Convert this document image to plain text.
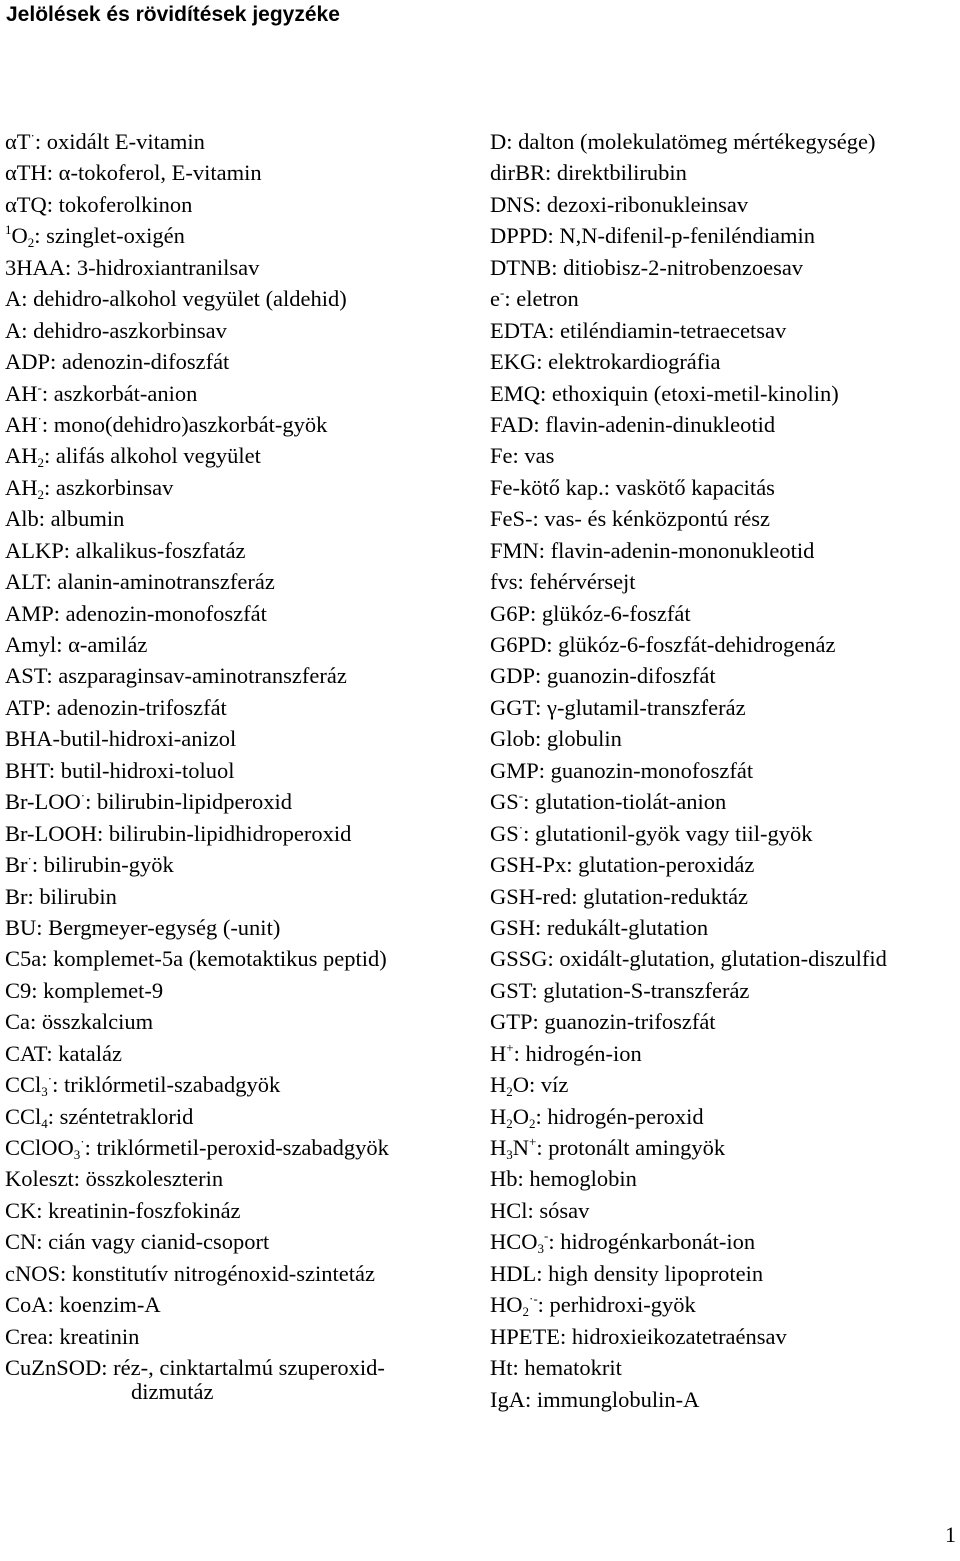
Jelölések és rövidítések jegyzéke
αT·: oxidált E-vitamin
αTH: α-tokoferol, E-vitamin
αTQ: tokoferolkinon
$^1O_2$: szinglet-oxigén
3HAA: 3-hidroxiantranilsav
A: dehidro-alkohol vegyület (aldehid)
A: dehidro-aszkorbinsav
ADP: adenozin-difoszfát
AH-: aszkorbát-anion
AH·: mono(dehidro)aszkorbát-gyök
$AH_2$: alifás alkohol vegyület
$AH_2$: aszkorbinsav
Alb: albumin
ALKP: alkalikus-foszfatáz
ALT: alanin-aminotranszferáz
AMP: adenozin-monofoszfát
Amyl: α-amiláz
AST: aszparaginsav-aminotranszferáz
ATP: adenozin-trifoszfát
BHA-butil-hidroxi-anizol
BHT: butil-hidroxi-toluol
Br-LOO·: bilirubin-lipidperoxid
Br-LOOH: bilirubin-lipidhidroperoxid
Br·: bilirubin-gyök
Br: bilirubin
BU: Bergmeyer-egység (-unit)
C5a: komplemet-5a (kemotaktikus peptid)
C9: komplemet-9
Ca: összkalcium
CAT: kataláz
CCl$_3$·: triklórmetil-szabadgyök
CCl$_4$: széntetraklorid
CClOO$_3$·: triklórmetil-peroxid-szabadgyök
Koleszt: összkoleszterin
CK: kreatinin-foszfokináz
CN: cián vagy cianid-csoport
cNOS: konstitutív nitrogénoxid-szintetáz
CoA: koenzim-A
Crea: kreatinin
CuZnSOD: réz-, cinktartalmú szuperoxid-
dizmutáz
D: dalton (molekulatömeg mértékegysége)
dirBR: direktbilirubin
DNS: dezoxi-ribonukleinsav
DPPD: N,N-difenil-p-feniléndiamin
DTNB: ditiobisz-2-nitrobenzoesav
e-: eletron
EDTA: etiléndiamin-tetraecetsav
EKG: elektrokardiográfia
EMQ: ethoxiquin (etoxi-metil-kinolin)
FAD: flavin-adenin-dinukleotid
Fe: vas
Fe-kötő kap.: vaskötő kapacitás
FeS-: vas- és kénközpontú rész
FMN: flavin-adenin-mononukleotid
fvs: fehérvérsejt
G6P: glükóz-6-foszfát
G6PD: glükóz-6-foszfát-dehidrogenáz
GDP: guanozin-difoszfát
GGT: γ-glutamil-transzferáz
Glob: globulin
GMP: guanozin-monofoszfát
GS-: glutation-tiolát-anion
GS·: glutationil-gyök vagy tiil-gyök
GSH-Px: glutation-peroxidáz
GSH-red: glutation-reduktáz
GSH: redukált-glutation
GSSG: oxidált-glutation, glutation-diszulfid
GST: glutation-S-transzferáz
GTP: guanozin-trifoszfát
H+: hidrogén-ion
$H_2O$: víz
$H_2O_2$: hidrogén-peroxid
$H_3N^+$: protonált amingyök
Hb: hemoglobin
HCl: sósav
$HCO_3^-$: hidrogénkarbonát-ion
HDL: high density lipoprotein
$HO_2^{\cdot-}$: perhidroxi-gyök
HPETE: hidroxieikozatetraénsav
Ht: hematokrit
IgA: immunglobulin-A
1
